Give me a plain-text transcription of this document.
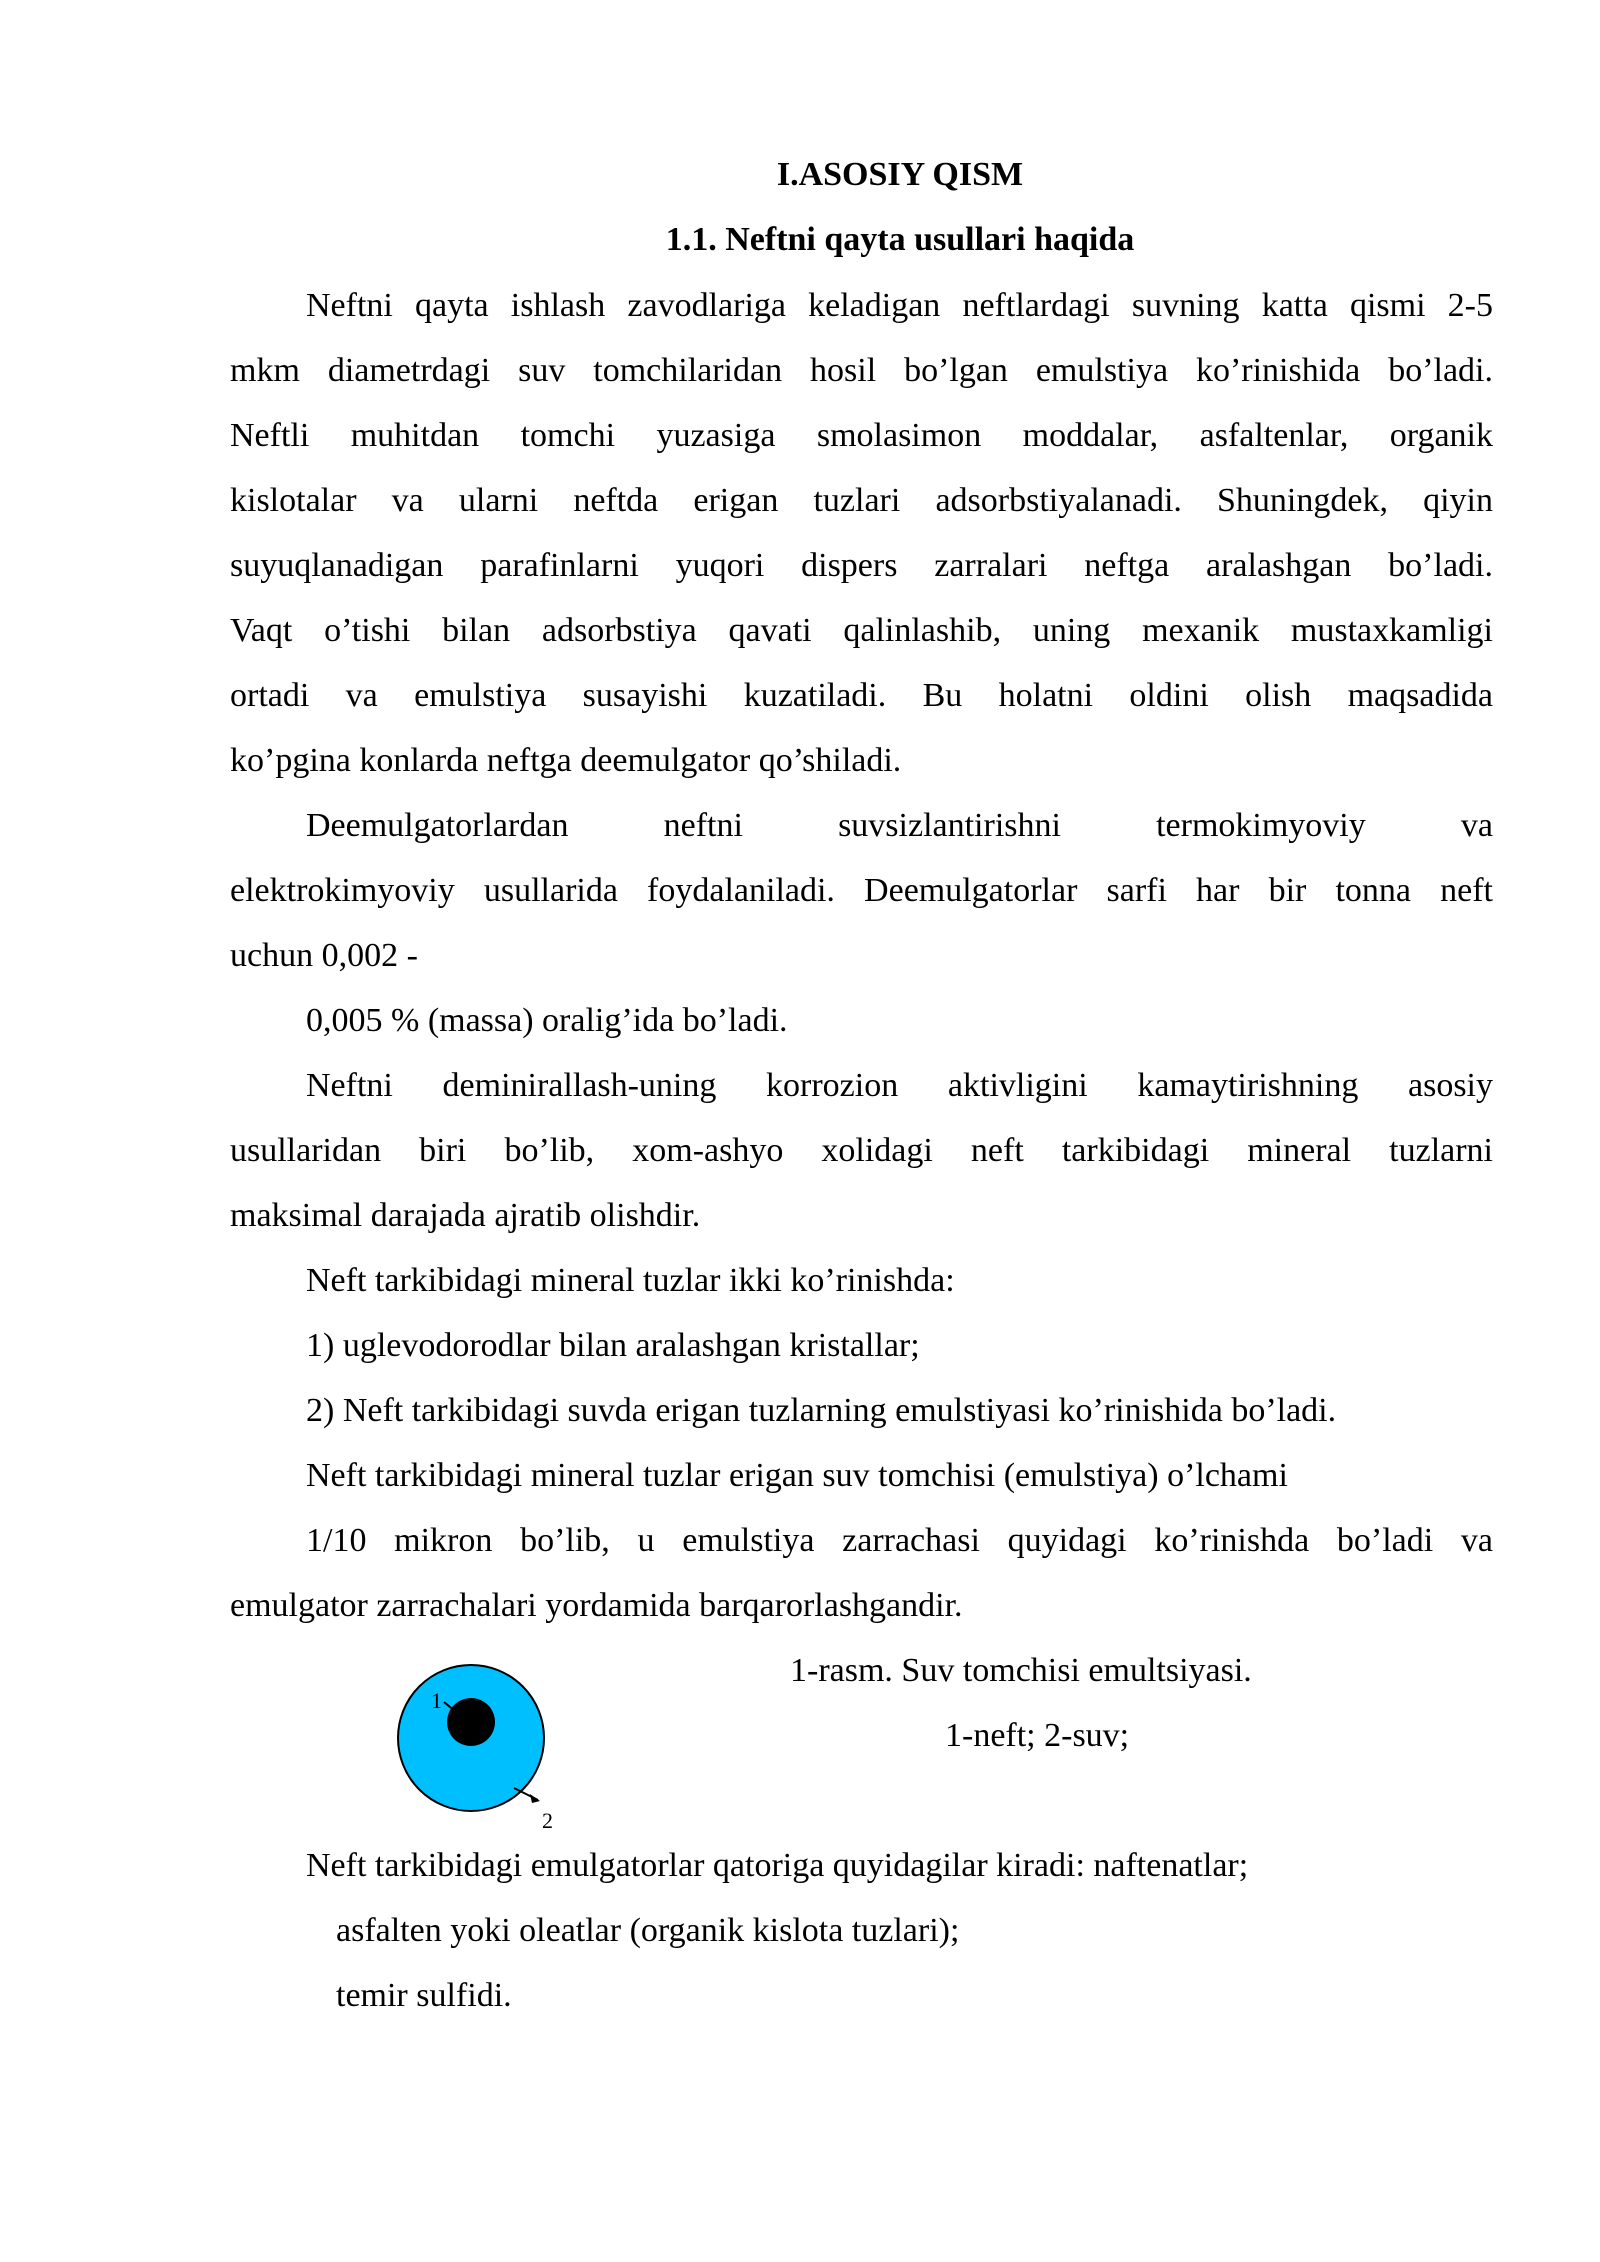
I.ASOSIY QISM
1.1. Neftni qayta usullari haqida
Neftni qayta ishlash zavodlariga keladigan neftlardagi suvning katta qismi 2-5
mkm diametrdagi suv tomchilaridan hosil bo’lgan emulstiya ko’rinishida bo’ladi.
Neftli muhitdan tomchi yuzasiga smolasimon moddalar, asfaltenlar, organik
kislotalar va ularni neftda erigan tuzlari adsorbstiyalanadi. Shuningdek, qiyin
suyuqlanadigan parafinlarni yuqori dispers zarralari neftga aralashgan bo’ladi.
Vaqt o’tishi bilan adsorbstiya qavati qalinlashib, uning mexanik mustaxkamligi
ortadi va emulstiya susayishi kuzatiladi. Bu holatni oldini olish maqsadida
ko’pgina konlarda neftga deemulgator qo’shiladi.
Deemulgatorlardan neftni suvsizlantirishni termokimyoviy va
elektrokimyoviy usullarida foydalaniladi. Deemulgatorlar sarfi har bir tonna neft
uchun 0,002 -
0,005 % (massa) oralig’ida bo’ladi.
Neftni deminirallash-uning korrozion aktivligini kamaytirishning asosiy
usullaridan biri bo’lib, xom-ashyo xolidagi neft tarkibidagi mineral tuzlarni
maksimal darajada ajratib olishdir.
Neft tarkibidagi mineral tuzlar ikki ko’rinishda:
1) uglevodorodlar bilan aralashgan kristallar;
2) Neft tarkibidagi suvda erigan tuzlarning emulstiyasi ko’rinishida bo’ladi.
Neft tarkibidagi mineral tuzlar erigan suv tomchisi (emulstiya) o’lchami
1/10 mikron bo’lib, u emulstiya zarrachasi quyidagi ko’rinishda bo’ladi va
emulgator zarrachalari yordamida barqarorlashgandir.
1
2
1-rasm. Suv tomchisi emultsiyasi.
1-neft; 2-suv;
Neft tarkibidagi emulgatorlar qatoriga quyidagilar kiradi: naftenatlar;
asfalten yoki oleatlar (organik kislota tuzlari);
temir sulfidi.
